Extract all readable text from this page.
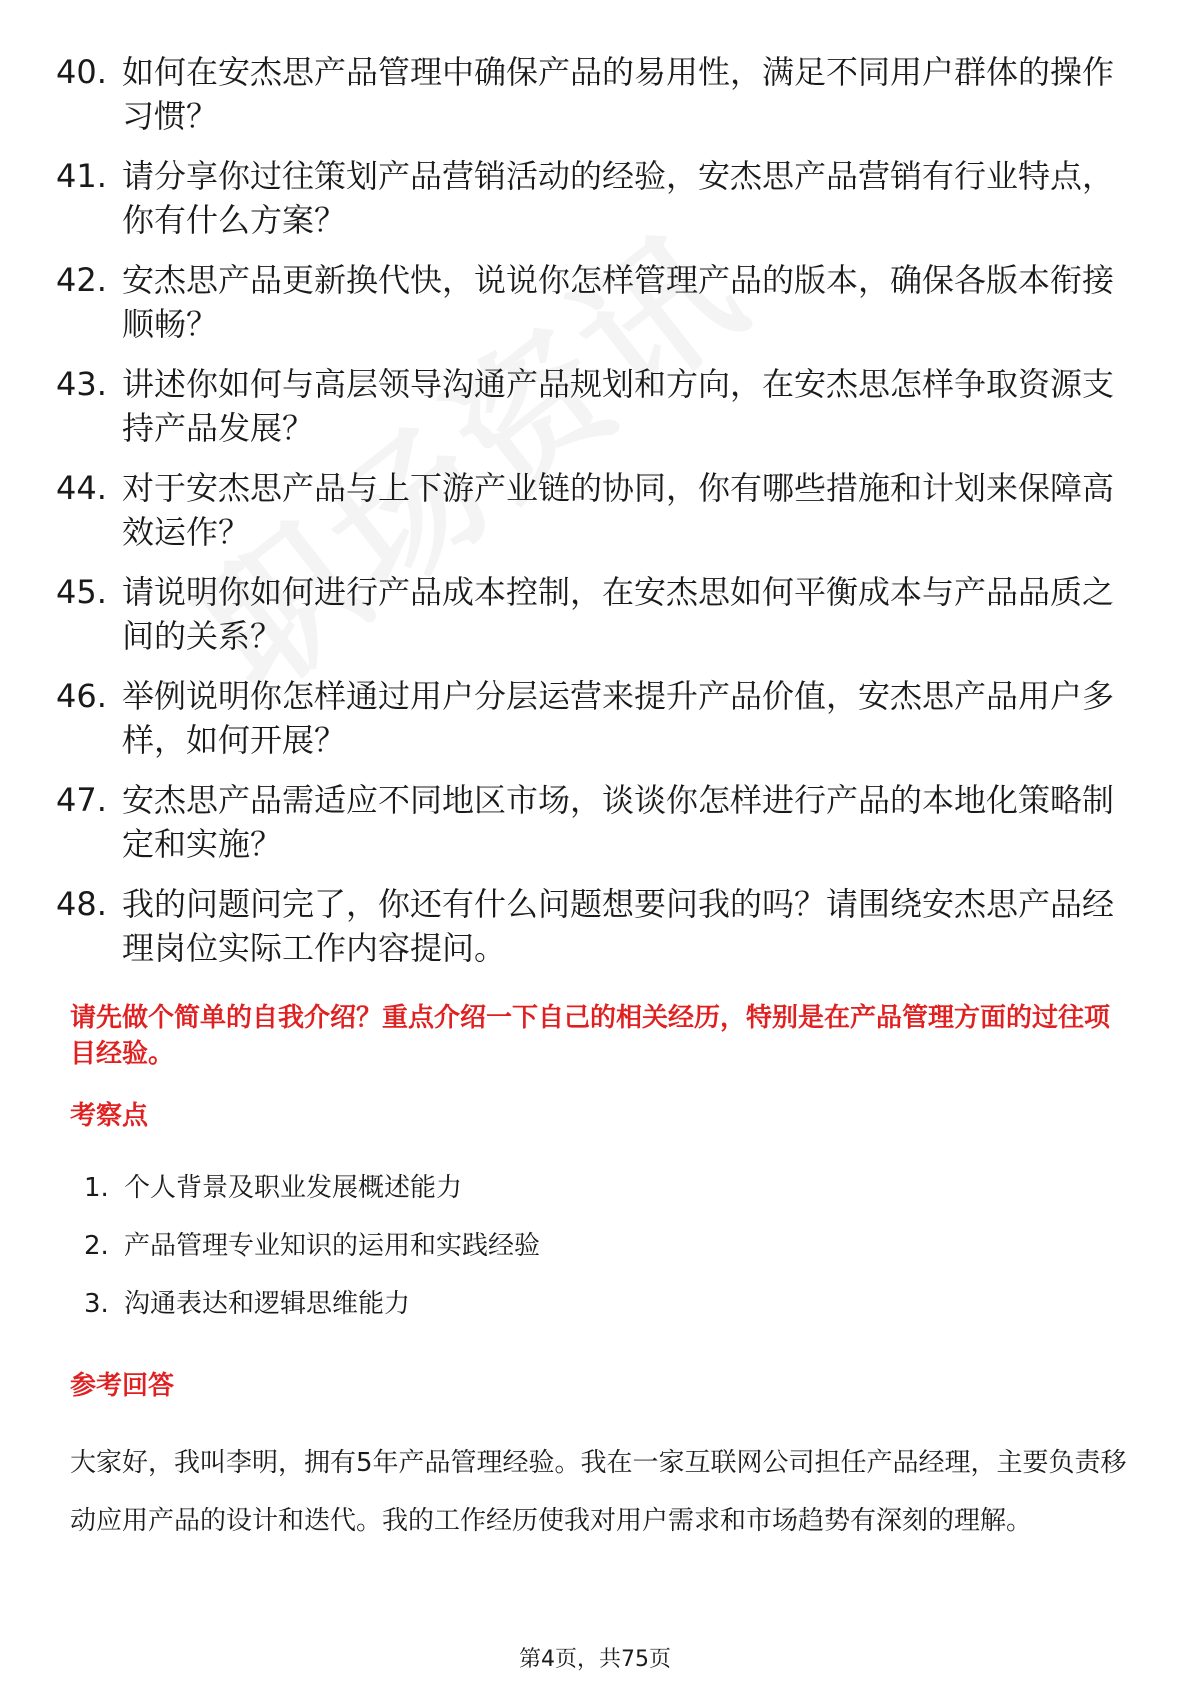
40. 如何在安杰思产品管理中确保产品的易用性，满足不同用户群体的操作习惯？
41. 请分享你过往策划产品营销活动的经验，安杰思产品营销有行业特点，你有什么方案？
42. 安杰思产品更新换代快，说说你怎样管理产品的版本，确保各版本衔接顺畅？
43. 讲述你如何与高层领导沟通产品规划和方向，在安杰思怎样争取资源支持产品发展？
44. 对于安杰思产品与上下游产业链的协同，你有哪些措施和计划来保障高效运作？
45. 请说明你如何进行产品成本控制，在安杰思如何平衡成本与产品品质之间的关系？
46. 举例说明你怎样通过用户分层运营来提升产品价值，安杰思产品用户多样，如何开展？
47. 安杰思产品需适应不同地区市场，谈谈你怎样进行产品的本地化策略制定和实施？
48. 我的问题问完了，你还有什么问题想要问我的吗？请围绕安杰思产品经理岗位实际工作内容提问。
请先做个简单的自我介绍？重点介绍一下自己的相关经历，特别是在产品管理方面的过往项目经验。
考察点
1. 个人背景及职业发展概述能力
2. 产品管理专业知识的运用和实践经验
3. 沟通表达和逻辑思维能力
参考回答

大家好，我叫李明，拥有5年产品管理经验。我在一家互联网公司担任产品经理，主要负责移动应用产品的设计和迭代。我的工作经历使我对用户需求和市场趋势有深刻的理解。

第4页，共75页
